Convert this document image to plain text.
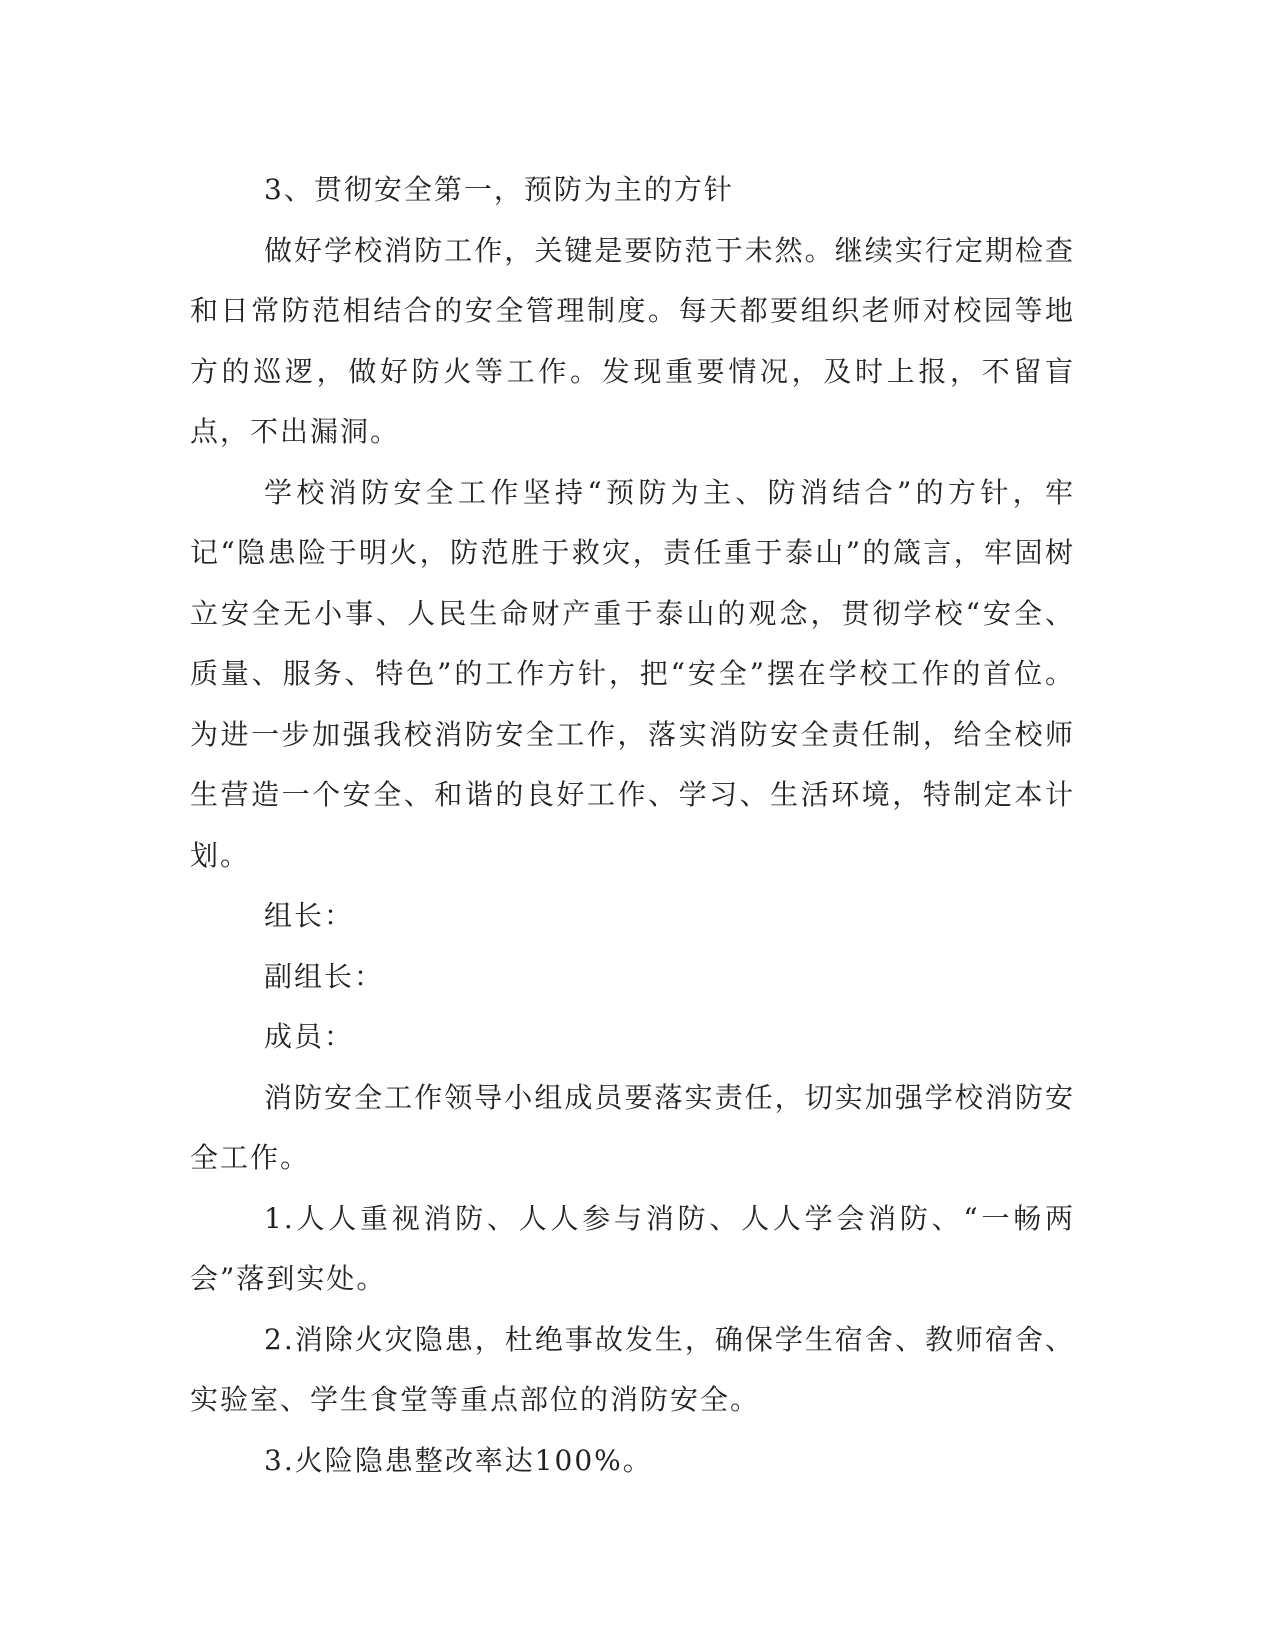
3、贯彻安全第一，预防为主的方针

做好学校消防工作，关键是要防范于未然。继续实行定期检查和日常防范相结合的安全管理制度。每天都要组织老师对校园等地方的巡逻，做好防火等工作。发现重要情况，及时上报，不留盲点，不出漏洞。

学校消防安全工作坚持“预防为主、防消结合”的方针，牢记“隐患险于明火，防范胜于救灾，责任重于泰山”的箴言，牢固树立安全无小事、人民生命财产重于泰山的观念，贯彻学校“安全、质量、服务、特色”的工作方针，把“安全”摆在学校工作的首位。为进一步加强我校消防安全工作，落实消防安全责任制，给全校师生营造一个安全、和谐的良好工作、学习、生活环境，特制定本计划。

组长：

副组长：

成员：

消防安全工作领导小组成员要落实责任，切实加强学校消防安全工作。

1.人人重视消防、人人参与消防、人人学会消防、“一畅两会”落到实处。

2.消除火灾隐患，杜绝事故发生，确保学生宿舍、教师宿舍、实验室、学生食堂等重点部位的消防安全。

3.火险隐患整改率达100%。
